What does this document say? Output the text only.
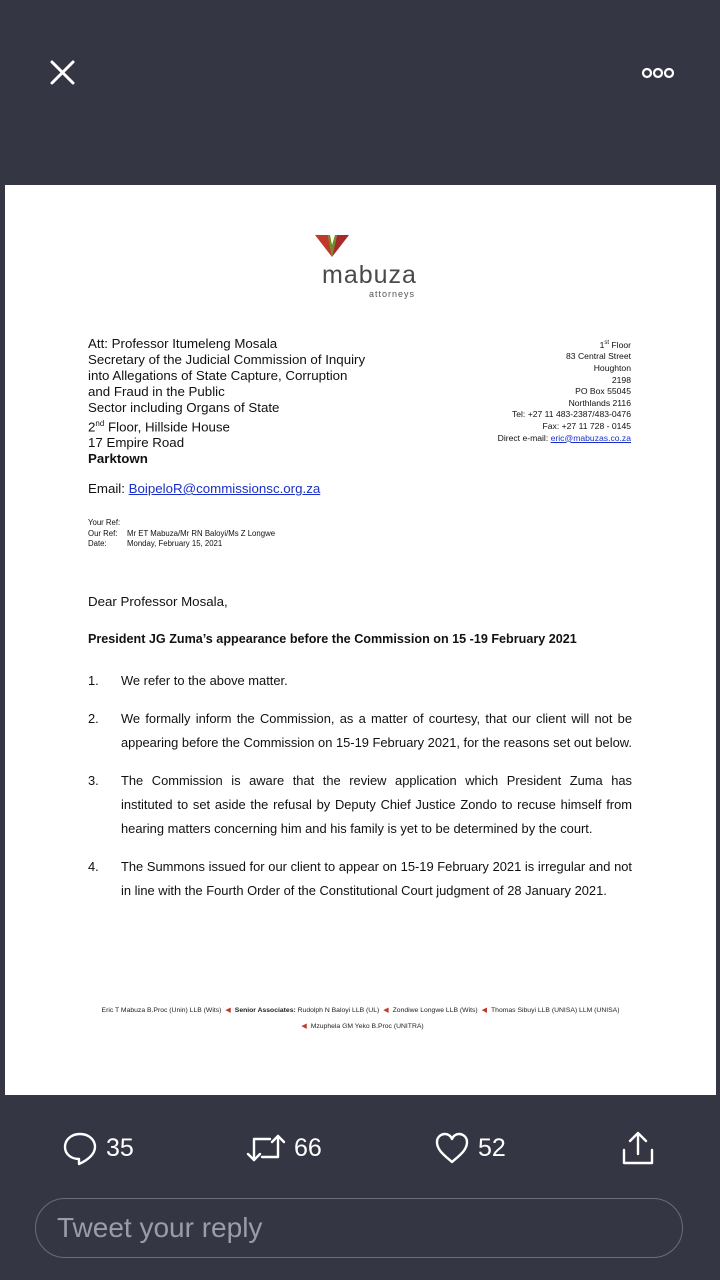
mabuza
attorneys
Att: Professor Itumeleng Mosala
Secretary of the Judicial Commission of Inquiry
into Allegations of State Capture, Corruption
and Fraud in the Public
Sector including Organs of State
2nd Floor, Hillside House
17 Empire Road
Parktown
1st Floor
83 Central Street
Houghton
2198
PO Box 55045
Northlands 2116
Tel: +27 11 483-2387/483-0476
Fax: +27 11 728 - 0145
Direct e-mail: eric@mabuzas.co.za
Email: BoipeloR@commissionsc.org.za
Your Ref:
Our Ref: Mr ET Mabuza/Mr RN Baloyi/Ms Z Longwe
Date:	Monday, February 15, 2021
Dear Professor Mosala,
President JG Zuma’s appearance before the Commission on 15 -19 February 2021
1. We refer to the above matter.
2. We formally inform the Commission, as a matter of courtesy, that our client will not be appearing before the Commission on 15-19 February 2021, for the reasons set out below.
3. The Commission is aware that the review application which President Zuma has instituted to set aside the refusal by Deputy Chief Justice Zondo to recuse himself from hearing matters concerning him and his family is yet to be determined by the court.
4. The Summons issued for our client to appear on 15-19 February 2021 is irregular and not in line with the Fourth Order of the Constitutional Court judgment of 28 January 2021.
Eric T Mabuza B.Proc (Unin) LLB (Wits) ◀ Senior Associates: Rudolph N Baloyi LLB (UL) ◀ Zondiwe Longwe LLB (Wits) ◀ Thomas Sibuyi LLB (UNISA) LLM (UNISA)
◀ Mzuphela GM Yeko B.Proc (UNITRA)
35	66	52
Tweet your reply
